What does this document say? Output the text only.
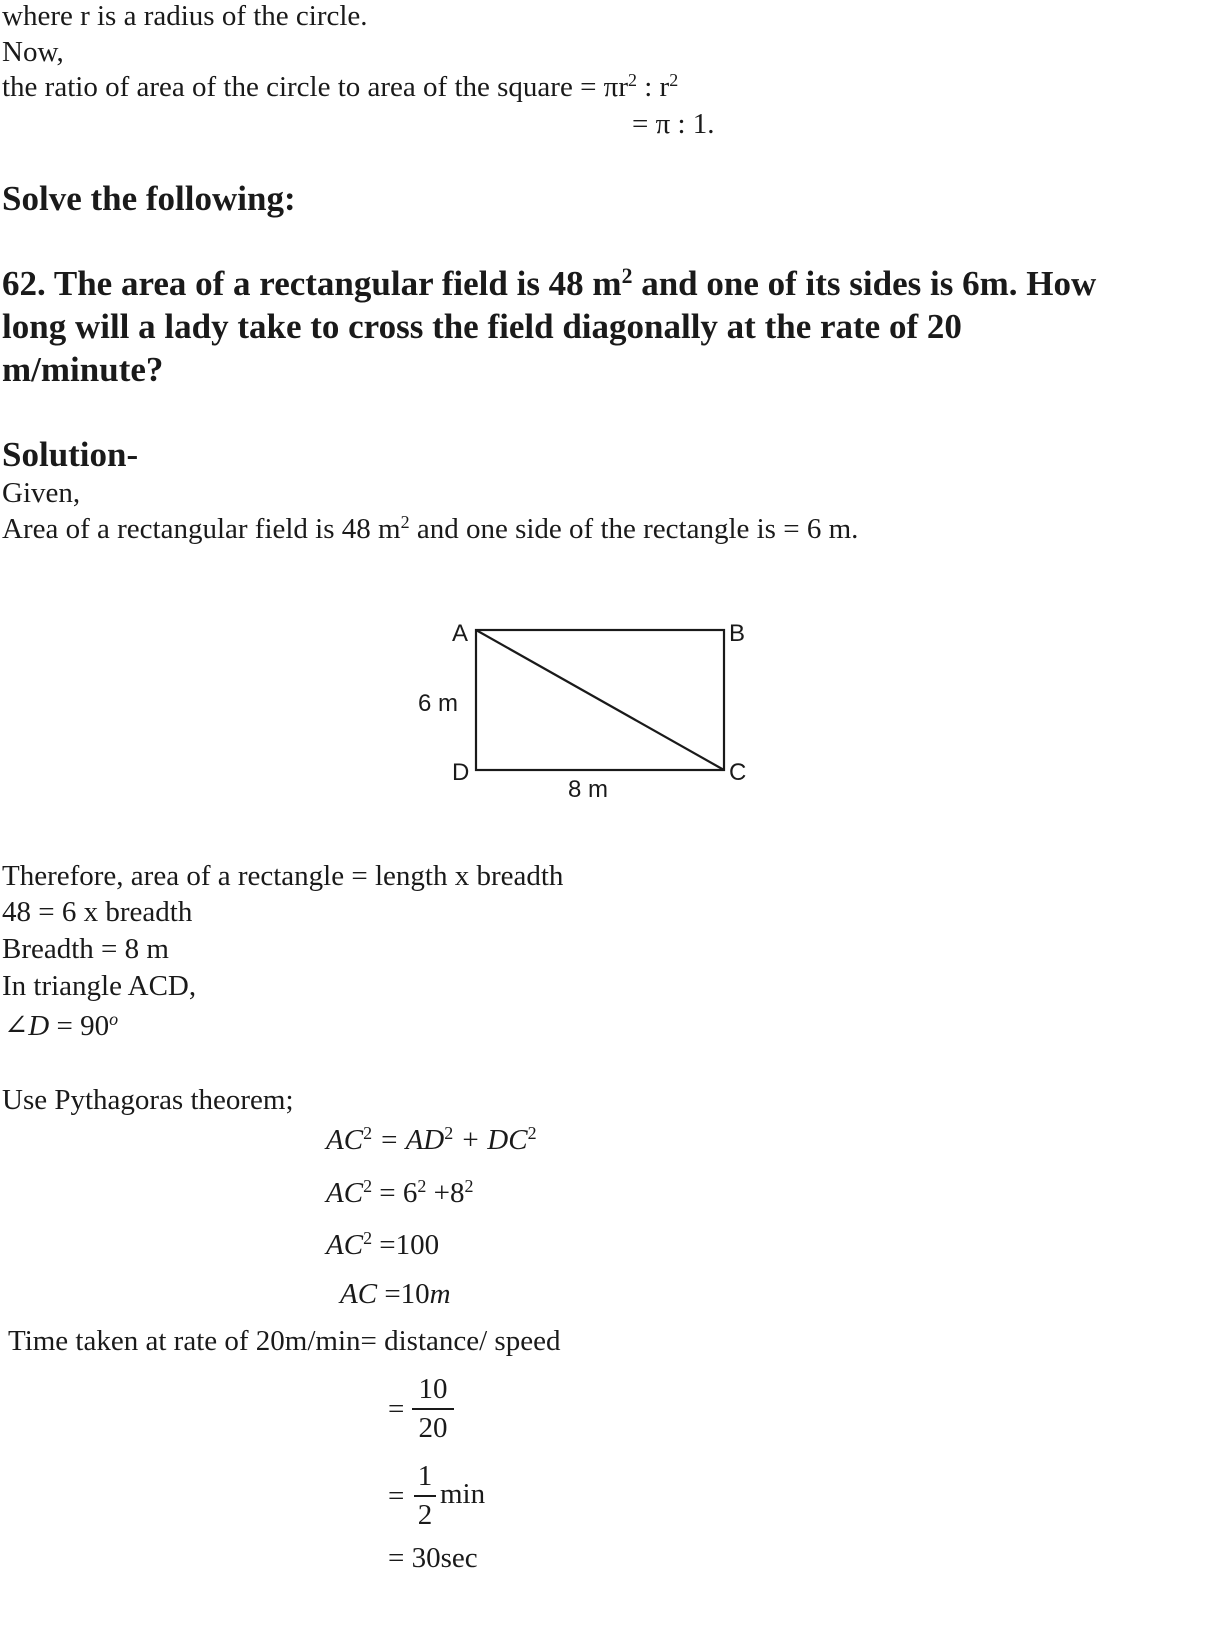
where r is a radius of the circle.
Now,
the ratio of area of the circle to area of the square = $\pi r^2$ : $r^2$
= π : 1.
Solve the following:
62. The area of a rectangular field is 48 $m^2$ and one of its sides is 6m. How
long will a lady take to cross the field diagonally at the rate of 20
m/minute?
Solution-
Given,
Area of a rectangular field is 48 $m^2$ and one side of the rectangle is = 6 m.
A	B
C
D
6 m
8 m
Therefore, area of a rectangle = length x breadth
48 = 6 x breadth
Breadth = 8 m
In triangle ACD,
∠D = $90^o$
Use Pythagoras theorem;
$AC^2 = AD^2 + DC^2$
$AC^2 = 6^2 +8^2$
$AC^2 =100$
AC =10m
Time taken at rate of 20m/min= distance/ speed
=
10
20
=
1
2
min
= 30sec
